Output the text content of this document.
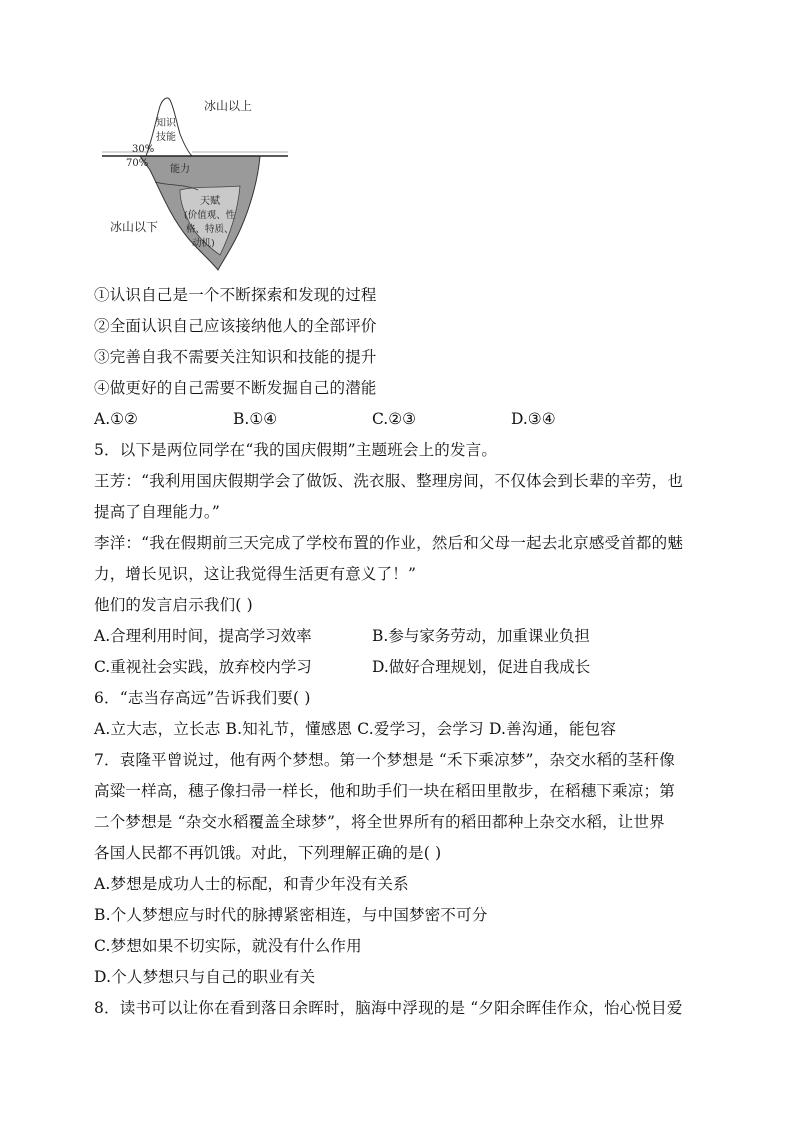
冰山以上
冰山以下
知识
技能
30%
70%
能力
天赋
(价值观、性
格、特质、
动机)
①认识自己是一个不断探索和发现的过程
②全面认识自己应该接纳他人的全部评价
③完善自我不需要关注知识和技能的提升
④做更好的自己需要不断发掘自己的潜能
A.①②	B.①④	C.②③	D.③④
5．以下是两位同学在“我的国庆假期”主题班会上的发言。
王芳：“我利用国庆假期学会了做饭、洗衣服、整理房间，不仅体会到长辈的辛劳，也
提高了自理能力。”
李洋：“我在假期前三天完成了学校布置的作业，然后和父母一起去北京感受首都的魅
力，增长见识，这让我觉得生活更有意义了！”
他们的发言启示我们( )
A.合理利用时间，提高学习效率	B.参与家务劳动，加重课业负担
C.重视社会实践，放弃校内学习	D.做好合理规划，促进自我成长
6．“志当存高远”告诉我们要( )
A.立大志，立长志 B.知礼节，懂感恩 C.爱学习，会学习 D.善沟通，能包容
7．袁隆平曾说过，他有两个梦想。第一个梦想是 “禾下乘凉梦”，杂交水稻的茎秆像
高粱一样高，穗子像扫帚一样长，他和助手们一块在稻田里散步，在稻穗下乘凉；第
二个梦想是 “杂交水稻覆盖全球梦”，将全世界所有的稻田都种上杂交水稻，让世界
各国人民都不再饥饿。对此，下列理解正确的是( )
A.梦想是成功人士的标配，和青少年没有关系
B.个人梦想应与时代的脉搏紧密相连，与中国梦密不可分
C.梦想如果不切实际，就没有什么作用
D.个人梦想只与自己的职业有关
8．读书可以让你在看到落日余晖时，脑海中浮现的是 “夕阳余晖佳作众，怡心悦目爱
